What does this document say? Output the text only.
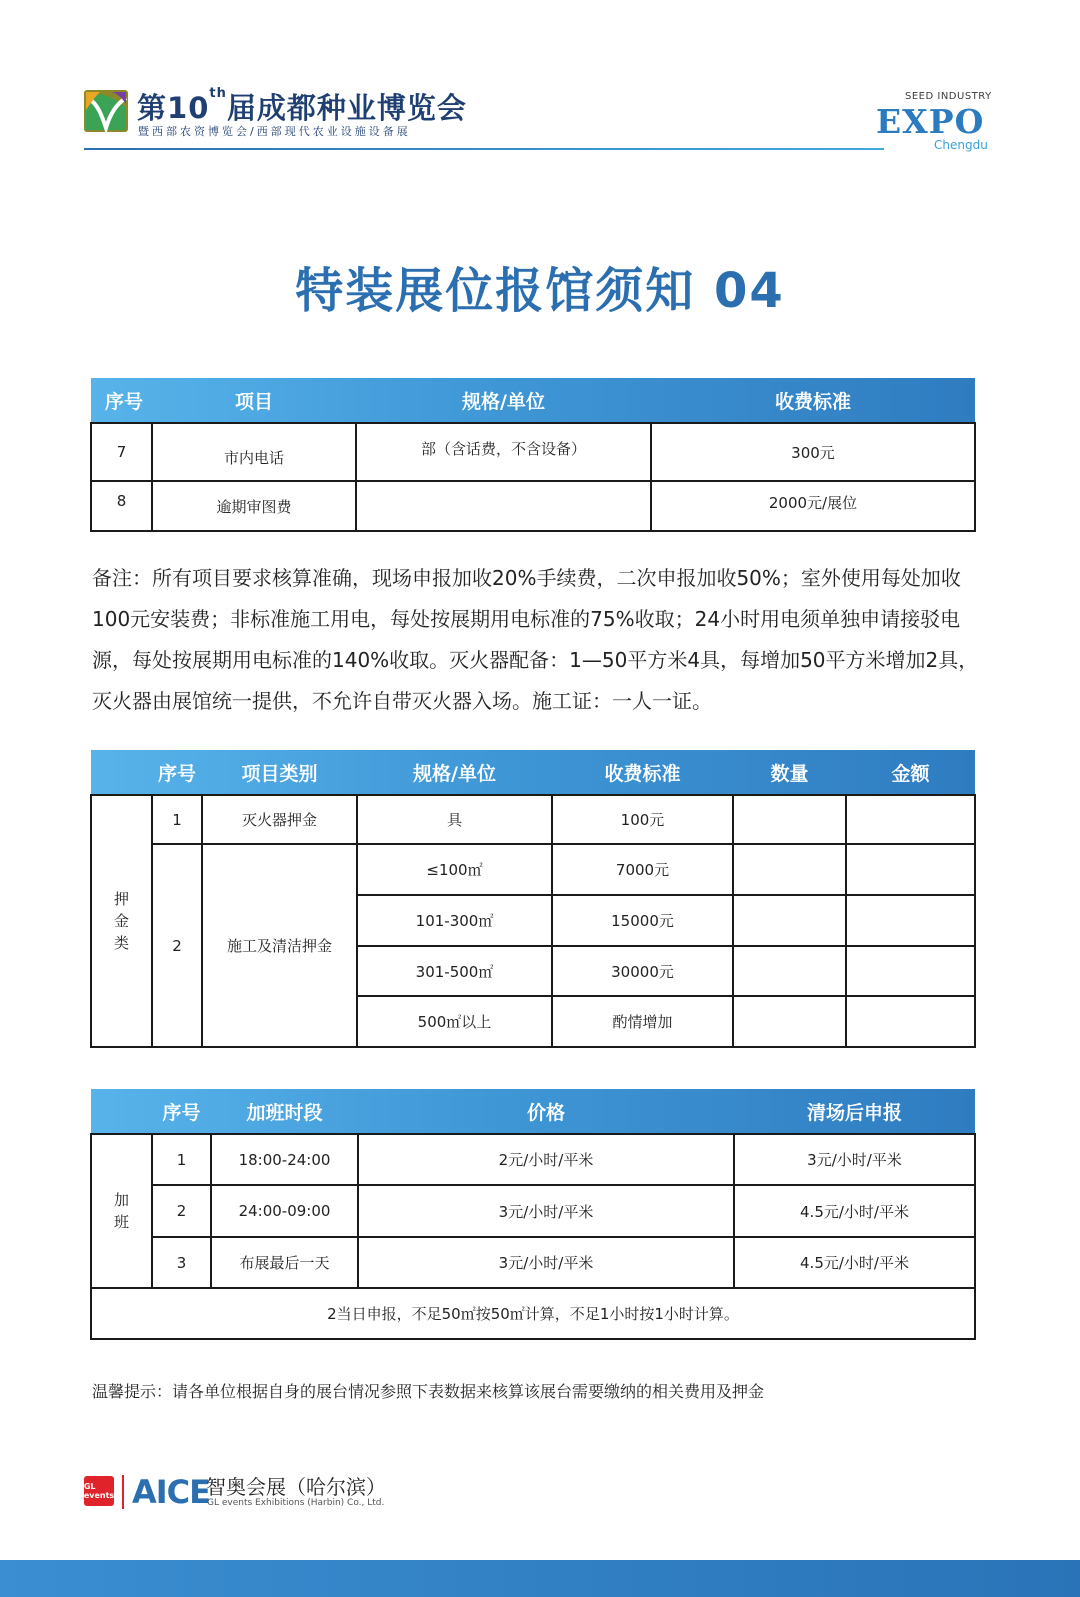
第10th届成都种业博览会
暨西部农资博览会/西部现代农业设施设备展
SEED INDUSTRY
EXPO
Chengdu
特装展位报馆须知 04
序号	项目	规格/单位	收费标准
7	市内电话	部（含话费，不含设备）	300元
8	逾期审图费		2000元/展位
备注：所有项目要求核算准确，现场申报加收20%手续费，二次申报加收50%；室外使用每处加收100元安装费；非标准施工用电，每处按展期用电标准的75%收取；24小时用电须单独申请接驳电源，每处按展期用电标准的140%收取。灭火器配备：1—50平方米4具，每增加50平方米增加2具，灭火器由展馆统一提供，不允许自带灭火器入场。施工证：一人一证。
	序号	项目类别	规格/单位	收费标准	数量	金额

押金类	1	灭火器押金	具	100元		
	2	施工及清洁押金	≤100㎡	7000元		
			101-300㎡	15000元		
			301-500㎡	30000元		
			500㎡以上	酌情增加		
	序号	加班时段	价格	清场后申报

加班	1	18:00-24:00	2元/小时/平米	3元/小时/平米
	2	24:00-09:00	3元/小时/平米	4.5元/小时/平米
	3	布展最后一天	3元/小时/平米	4.5元/小时/平米
2当日申报，不足50㎡按50㎡计算，不足1小时按1小时计算。				
温馨提示：请各单位根据自身的展台情况参照下表数据来核算该展台需要缴纳的相关费用及押金
GL events AICE
智奥会展（哈尔滨）
GL events Exhibitions (Harbin) Co., Ltd.
